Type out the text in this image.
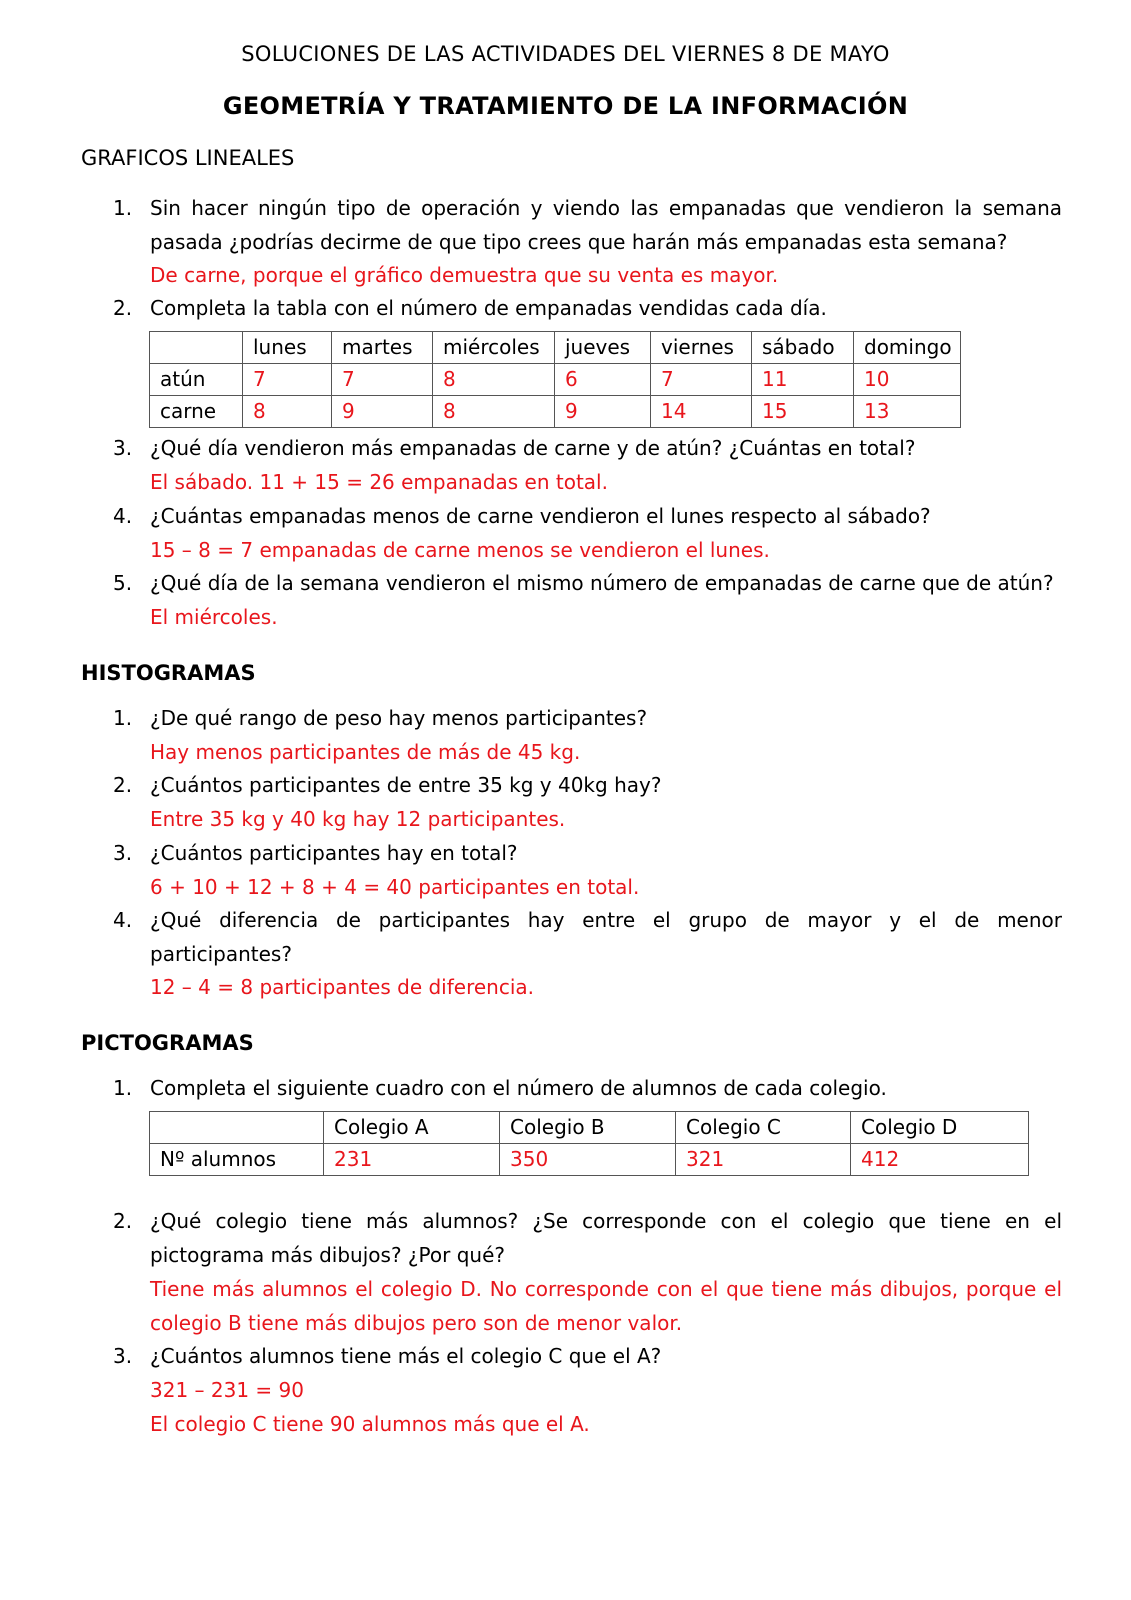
SOLUCIONES DE LAS ACTIVIDADES DEL VIERNES 8 DE MAYO
GEOMETRÍA Y TRATAMIENTO DE LA INFORMACIÓN
GRAFICOS LINEALES
1. Sin hacer ningún tipo de operación y viendo las empanadas que vendieron la semana
pasada ¿podrías decirme de que tipo crees que harán más empanadas esta semana?
De carne, porque el gráfico demuestra que su venta es mayor.
2. Completa la tabla con el número de empanadas vendidas cada día.
	lunes	martes	miércoles	jueves	viernes	sábado	domingo
atún	7	7	8	6	7	11	10
carne	8	9	8	9	14	15	13
3. ¿Qué día vendieron más empanadas de carne y de atún? ¿Cuántas en total?
El sábado. 11 + 15 = 26 empanadas en total.
4. ¿Cuántas empanadas menos de carne vendieron el lunes respecto al sábado?
15 – 8 = 7 empanadas de carne menos se vendieron el lunes.
5. ¿Qué día de la semana vendieron el mismo número de empanadas de carne que de atún?
El miércoles.
HISTOGRAMAS
1. ¿De qué rango de peso hay menos participantes?
Hay menos participantes de más de 45 kg.
2. ¿Cuántos participantes de entre 35 kg y 40kg hay?
Entre 35 kg y 40 kg hay 12 participantes.
3. ¿Cuántos participantes hay en total?
6 + 10 + 12 + 8 + 4 = 40 participantes en total.
4. ¿Qué diferencia de participantes hay entre el grupo de mayor y el de menor
participantes?
12 – 4 = 8 participantes de diferencia.
PICTOGRAMAS
1. Completa el siguiente cuadro con el número de alumnos de cada colegio.
	Colegio A	Colegio B	Colegio C	Colegio D
Nº alumnos	231	350	321	412
2. ¿Qué colegio tiene más alumnos? ¿Se corresponde con el colegio que tiene en el
pictograma más dibujos? ¿Por qué?
Tiene más alumnos el colegio D. No corresponde con el que tiene más dibujos, porque el
colegio B tiene más dibujos pero son de menor valor.
3. ¿Cuántos alumnos tiene más el colegio C que el A?
321 – 231 = 90
El colegio C tiene 90 alumnos más que el A.
